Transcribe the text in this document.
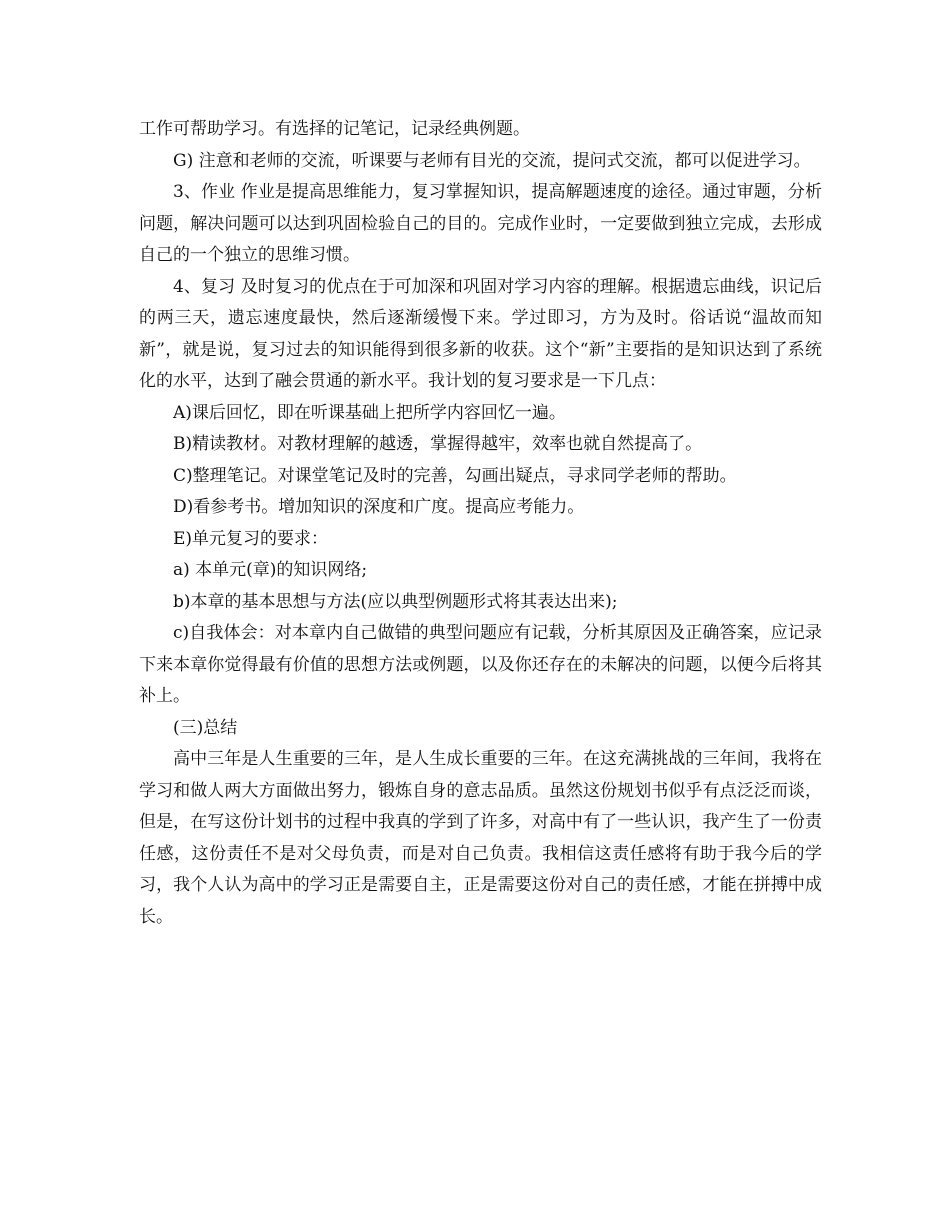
工作可帮助学习。有选择的记笔记，记录经典例题。

G) 注意和老师的交流，听课要与老师有目光的交流，提问式交流，都可以促进学习。

3、作业 作业是提高思维能力，复习掌握知识，提高解题速度的途径。通过审题，分析问题，解决问题可以达到巩固检验自己的目的。完成作业时，一定要做到独立完成，去形成自己的一个独立的思维习惯。

4、复习 及时复习的优点在于可加深和巩固对学习内容的理解。根据遗忘曲线，识记后的两三天，遗忘速度最快，然后逐渐缓慢下来。学过即习，方为及时。俗话说“温故而知新”，就是说，复习过去的知识能得到很多新的收获。这个“新”主要指的是知识达到了系统化的水平，达到了融会贯通的新水平。我计划的复习要求是一下几点：

A)课后回忆，即在听课基础上把所学内容回忆一遍。

B)精读教材。对教材理解的越透，掌握得越牢，效率也就自然提高了。

C)整理笔记。对课堂笔记及时的完善，勾画出疑点，寻求同学老师的帮助。

D)看参考书。增加知识的深度和广度。提高应考能力。

E)单元复习的要求：

a) 本单元(章)的知识网络;

b)本章的基本思想与方法(应以典型例题形式将其表达出来);

c)自我体会：对本章内自己做错的典型问题应有记载，分析其原因及正确答案，应记录下来本章你觉得最有价值的思想方法或例题，以及你还存在的未解决的问题，以便今后将其补上。

(三)总结

高中三年是人生重要的三年，是人生成长重要的三年。在这充满挑战的三年间，我将在学习和做人两大方面做出努力，锻炼自身的意志品质。虽然这份规划书似乎有点泛泛而谈，但是，在写这份计划书的过程中我真的学到了许多，对高中有了一些认识，我产生了一份责任感，这份责任不是对父母负责，而是对自己负责。我相信这责任感将有助于我今后的学习，我个人认为高中的学习正是需要自主，正是需要这份对自己的责任感，才能在拼搏中成长。
